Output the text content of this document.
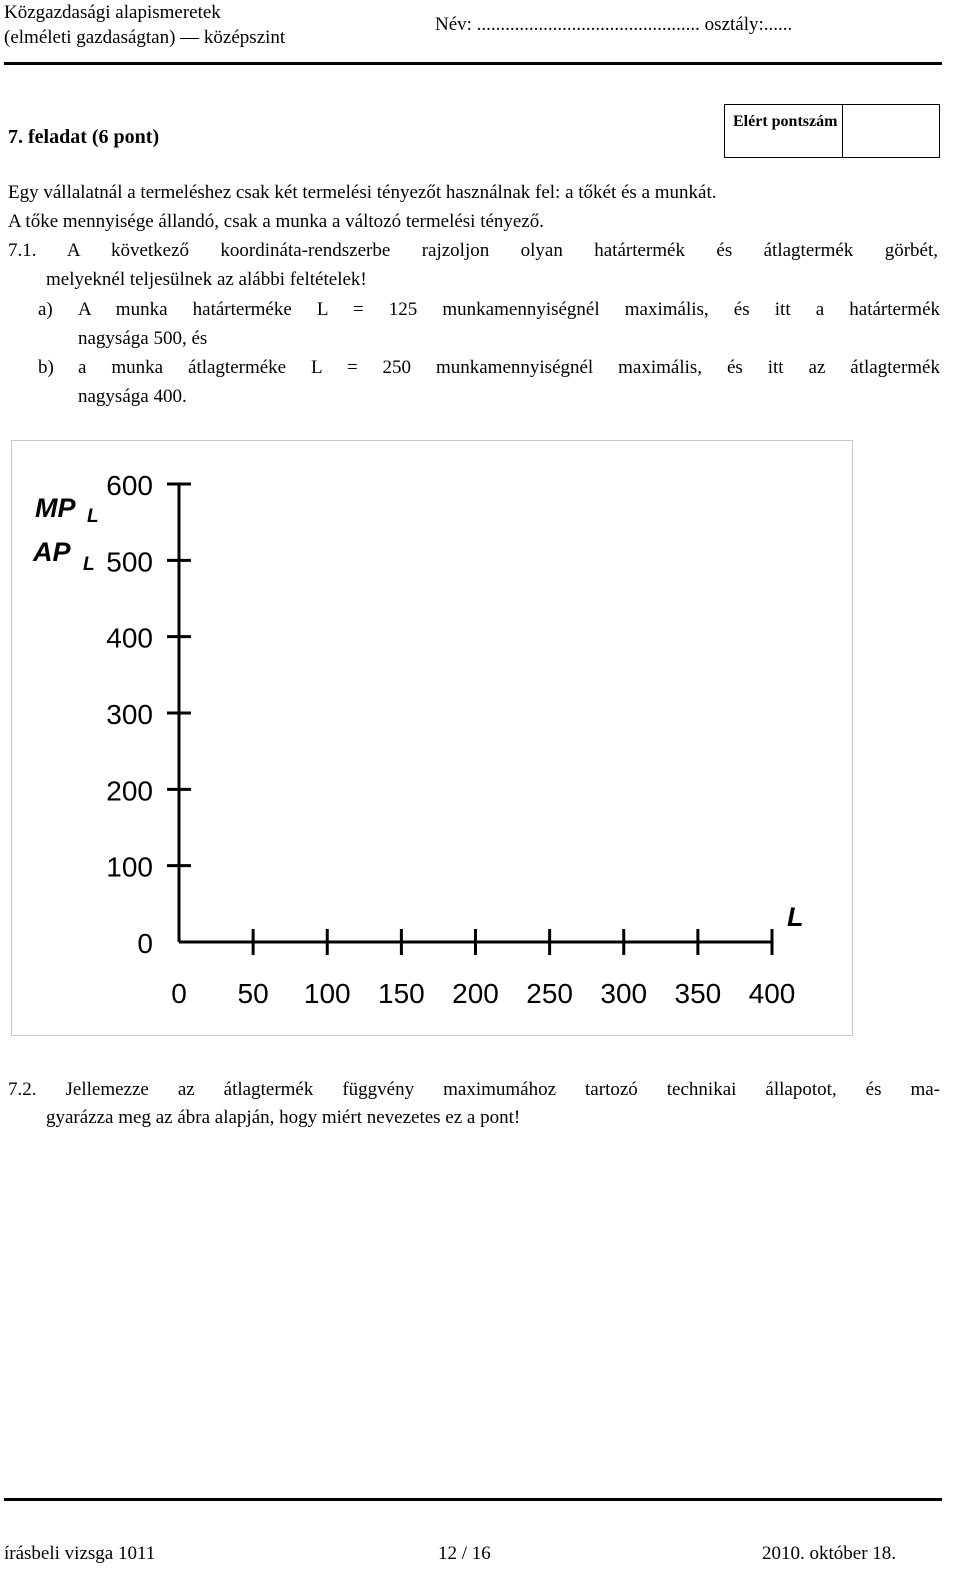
Közgazdasági alapismeretek
(elméleti gazdaságtan) — középszint
Név: ............................................... osztály:......
7. feladat (6 pont)
Elért pontszám
Egy vállalatnál a termeléshez csak két termelési tényezőt használnak fel: a tőkét és a munkát.
A tőke mennyisége állandó, csak a munka a változó termelési tényező.
7.1. A következő koordináta-rendszerbe rajzoljon olyan határtermék és átlagtermék görbét,
melyeknél teljesülnek az alábbi feltételek!
a) A munka határterméke L = 125 munkamennyiségnél maximális, és itt a határtermék
nagysága 500, és
b) a munka átlagterméke L = 250 munkamennyiségnél maximális, és itt az átlagtermék
nagysága 400.
MP L
AP L
L
600
500
400
300
200
100
0
0 50 100 150 200 250 300 350 400
7.2. Jellemezze az átlagtermék függvény maximumához tartozó technikai állapotot, és ma-
gyarázza meg az ábra alapján, hogy miért nevezetes ez a pont!
írásbeli vizsga 1011	12 / 16	2010. október 18.
